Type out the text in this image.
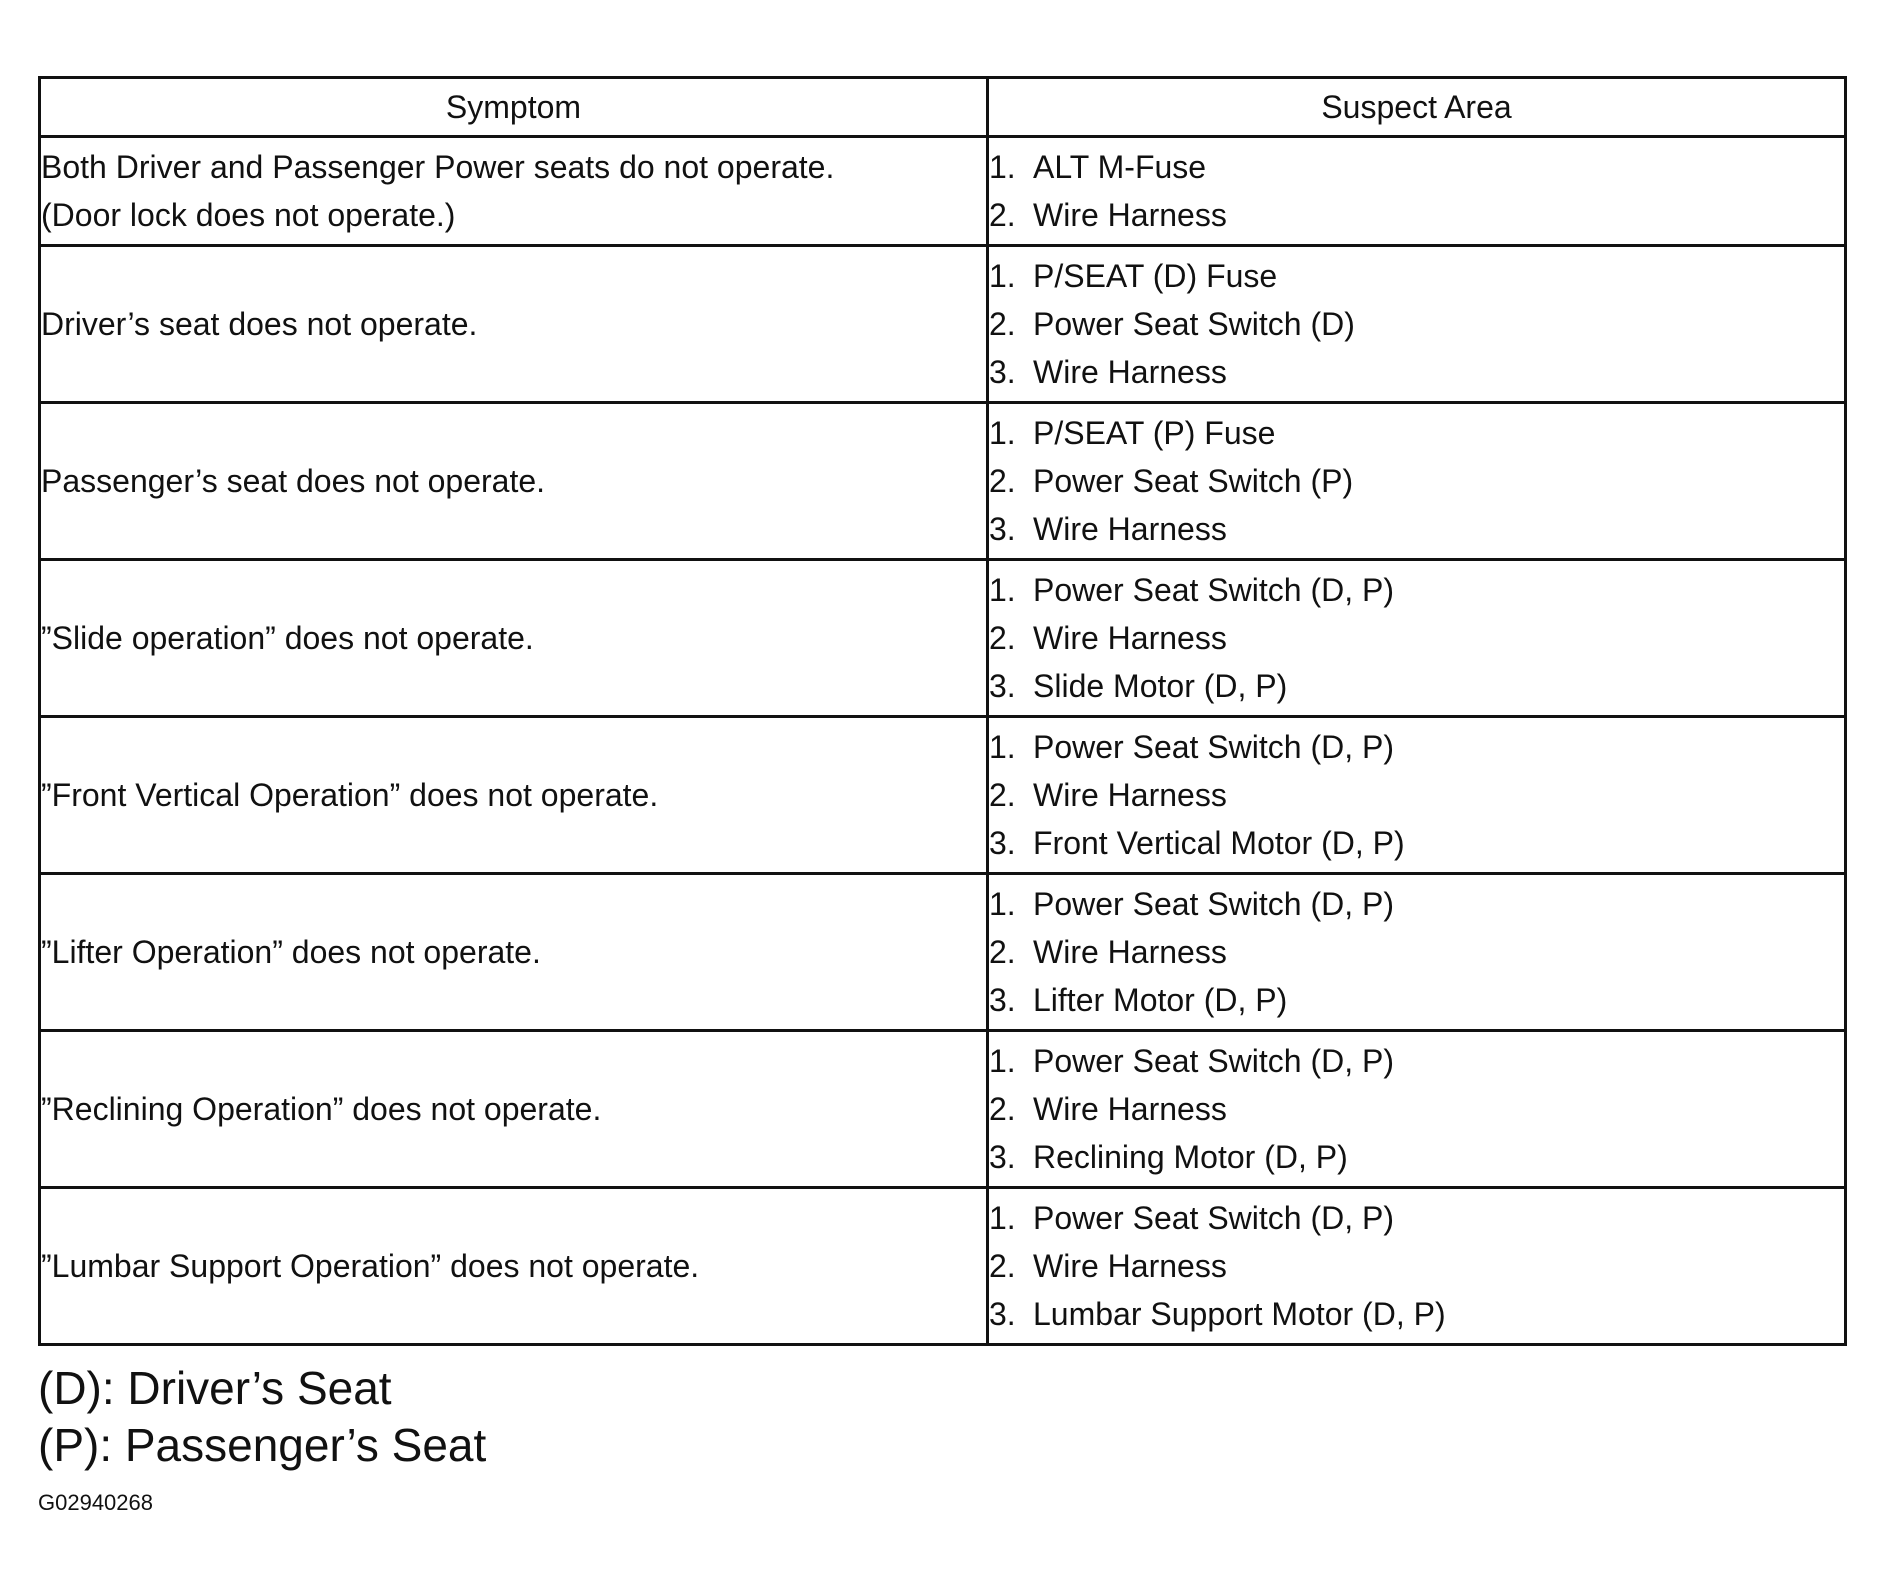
Symptom	Suspect Area

Both Driver and Passenger Power seats do not operate.
(Door lock does not operate.)	1. ALT M-Fuse
2. Wire Harness

Driver’s seat does not operate.	1. P/SEAT (D) Fuse
2. Power Seat Switch (D)
3. Wire Harness

Passenger’s seat does not operate.	1. P/SEAT (P) Fuse
2. Power Seat Switch (P)
3. Wire Harness

”Slide operation” does not operate.	1. Power Seat Switch (D, P)
2. Wire Harness
3. Slide Motor (D, P)

”Front Vertical Operation” does not operate.	1. Power Seat Switch (D, P)
2. Wire Harness
3. Front Vertical Motor (D, P)

”Lifter Operation” does not operate.	1. Power Seat Switch (D, P)
2. Wire Harness
3. Lifter Motor (D, P)

”Reclining Operation” does not operate.	1. Power Seat Switch (D, P)
2. Wire Harness
3. Reclining Motor (D, P)

”Lumbar Support Operation” does not operate.	1. Power Seat Switch (D, P)
2. Wire Harness
3. Lumbar Support Motor (D, P)
(D): Driver’s Seat
(P): Passenger’s Seat
G02940268
